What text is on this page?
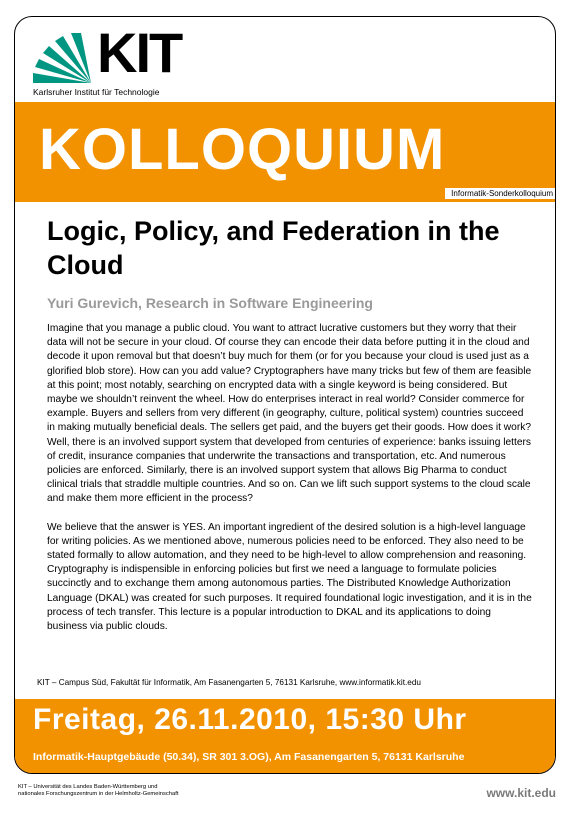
KIT
Karlsruher Institut für Technologie
KOLLOQUIUM
Informatik-Sonderkolloquium
Logic, Policy, and Federation in the Cloud
Yuri Gurevich, Research in Software Engineering

Imagine that you manage a public cloud. You want to attract lucrative customers but they worry that their data will not be secure in your cloud. Of course they can encode their data before putting it in the cloud and decode it upon removal but that doesn’t buy much for them (or for you because your cloud is used just as a glorified blob store). How can you add value? Cryptographers have many tricks but few of them are feasible at this point; most notably, searching on encrypted data with a single keyword is being considered. But maybe we shouldn’t reinvent the wheel. How do enterprises interact in real world? Consider commerce for example. Buyers and sellers from very different (in geography, culture, political system) countries succeed in making mutually beneficial deals. The sellers get paid, and the buyers get their goods. How does it work? Well, there is an involved support system that developed from centuries of experience: banks issuing letters of credit, insurance companies that underwrite the transactions and transportation, etc. And numerous policies are enforced. Similarly, there is an involved support system that allows Big Pharma to conduct clinical trials that straddle multiple countries. And so on. Can we lift such support systems to the cloud scale and make them more efficient in the process?

We believe that the answer is YES. An important ingredient of the desired solution is a high-level language for writing policies. As we mentioned above, numerous policies need to be enforced. They also need to be stated formally to allow automation, and they need to be high-level to allow comprehension and reasoning. Cryptography is indispensible in enforcing policies but first we need a language to formulate policies succinctly and to exchange them among autonomous parties. The Distributed Knowledge Authorization Language (DKAL) was created for such purposes. It required foundational logic investigation, and it is in the process of tech transfer. This lecture is a popular introduction to DKAL and its applications to doing business via public clouds.

KIT – Campus Süd, Fakultät für Informatik, Am Fasanengarten 5, 76131 Karlsruhe, www.informatik.kit.edu
Freitag, 26.11.2010, 15:30 Uhr
Informatik-Hauptgebäude (50.34), SR 301 3.OG), Am Fasanengarten 5, 76131 Karlsruhe
KIT – Universität des Landes Baden-Württemberg und
nationales Forschungszentrum in der Helmholtz-Gemeinschaft	www.kit.edu
